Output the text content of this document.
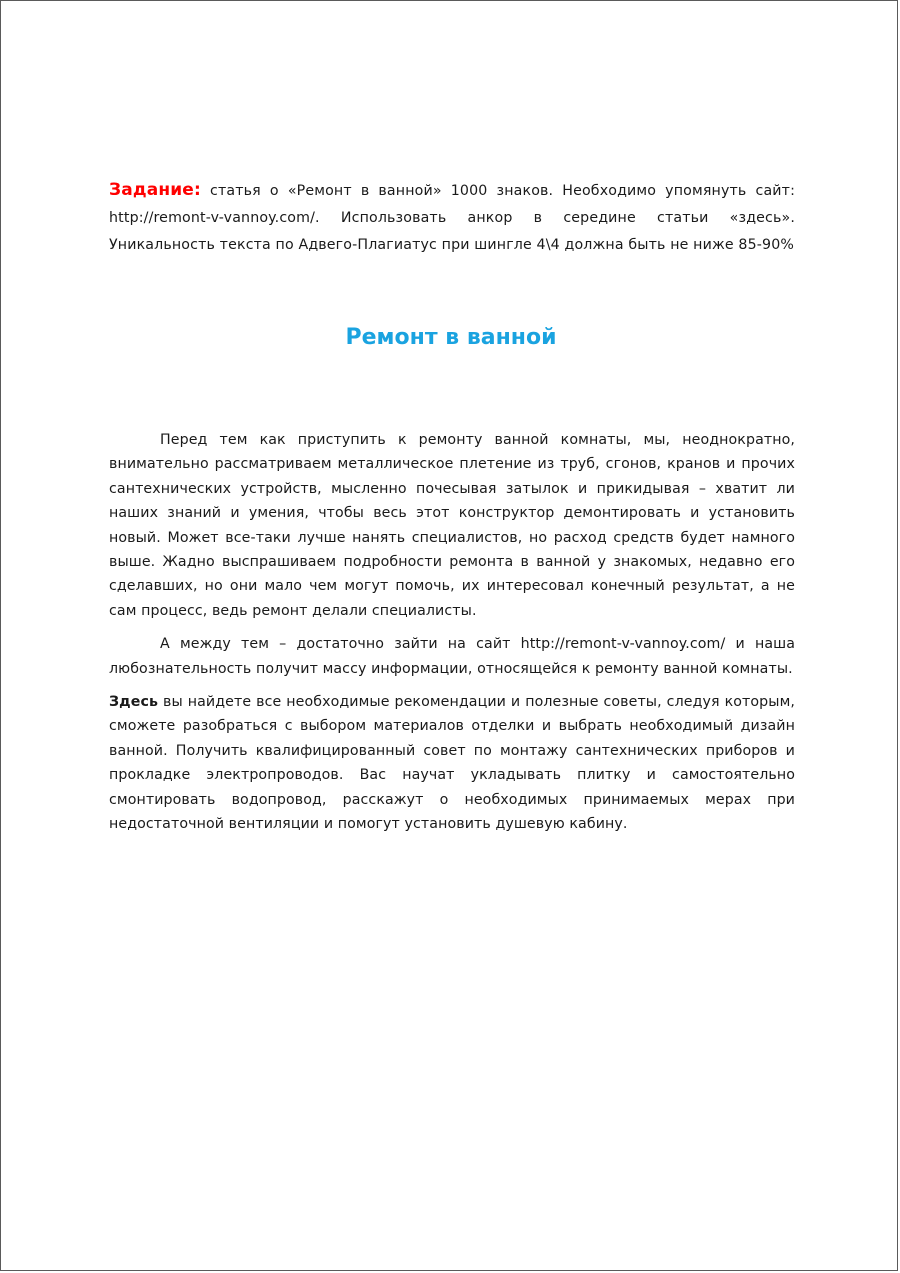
Задание: статья о «Ремонт в ванной» 1000 знаков. Необходимо упомянуть сайт: http://remont-v-vannoy.com/. Использовать анкор в середине статьи «здесь». Уникальность текста по Адвего-Плагиатус при шингле 4\4 должна быть не ниже 85-90%
Ремонт в ванной

Перед тем как приступить к ремонту ванной комнаты, мы, неоднократно, внимательно рассматриваем металлическое плетение из труб, сгонов, кранов и прочих сантехнических устройств, мысленно почесывая затылок и прикидывая – хватит ли наших знаний и умения, чтобы весь этот конструктор демонтировать и установить новый. Может все-таки лучше нанять специалистов, но расход средств будет намного выше. Жадно выспрашиваем подробности ремонта в ванной у знакомых, недавно его сделавших, но они мало чем могут помочь, их интересовал конечный результат, а не сам процесс, ведь ремонт делали специалисты.

А между тем – достаточно зайти на сайт http://remont-v-vannoy.com/ и наша любознательность получит массу информации, относящейся к ремонту ванной комнаты.

Здесь вы найдете все необходимые рекомендации и полезные советы, следуя которым, сможете разобраться с выбором материалов отделки и выбрать необходимый дизайн ванной. Получить квалифицированный совет по монтажу сантехнических приборов и прокладке электропроводов. Вас научат укладывать плитку и самостоятельно смонтировать водопровод, расскажут о необходимых принимаемых мерах при недостаточной вентиляции и помогут установить душевую кабину.
